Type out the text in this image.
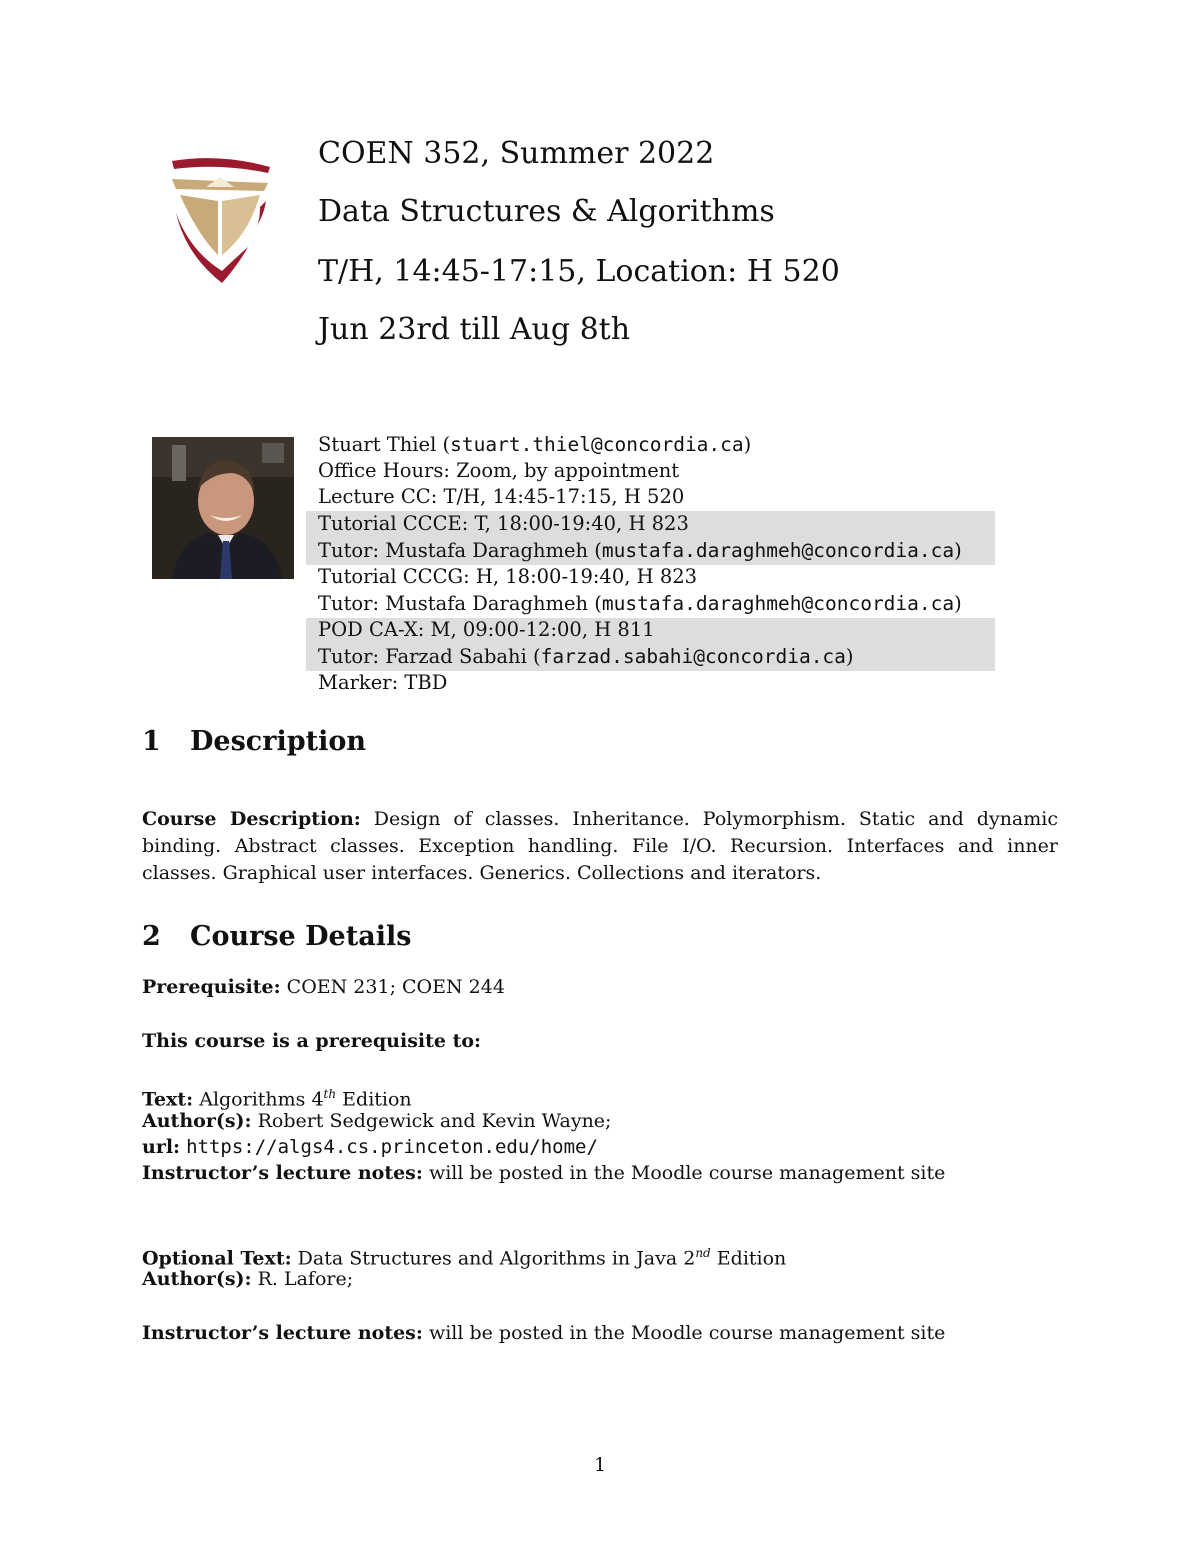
COEN 352, Summer 2022
Data Structures & Algorithms
T/H, 14:45-17:15, Location: H 520
Jun 23rd till Aug 8th
Stuart Thiel (stuart.thiel@concordia.ca)
Office Hours: Zoom, by appointment
Lecture CC: T/H, 14:45-17:15, H 520
Tutorial CCCE: T, 18:00-19:40, H 823
Tutor: Mustafa Daraghmeh (mustafa.daraghmeh@concordia.ca)
Tutorial CCCG: H, 18:00-19:40, H 823
Tutor: Mustafa Daraghmeh (mustafa.daraghmeh@concordia.ca)
POD CA-X: M, 09:00-12:00, H 811
Tutor: Farzad Sabahi (farzad.sabahi@concordia.ca)
Marker: TBD
1 Description
Course Description: Design of classes. Inheritance. Polymorphism. Static and dynamic binding. Abstract classes. Exception handling. File I/O. Recursion. Interfaces and inner classes. Graphical user interfaces. Generics. Collections and iterators.
2 Course Details
Prerequisite: COEN 231; COEN 244
This course is a prerequisite to:
Text: Algorithms 4th Edition
Author(s): Robert Sedgewick and Kevin Wayne;
url: https://algs4.cs.princeton.edu/home/
Instructor’s lecture notes: will be posted in the Moodle course management site
Optional Text: Data Structures and Algorithms in Java 2nd Edition
Author(s): R. Lafore;
Instructor’s lecture notes: will be posted in the Moodle course management site
1
